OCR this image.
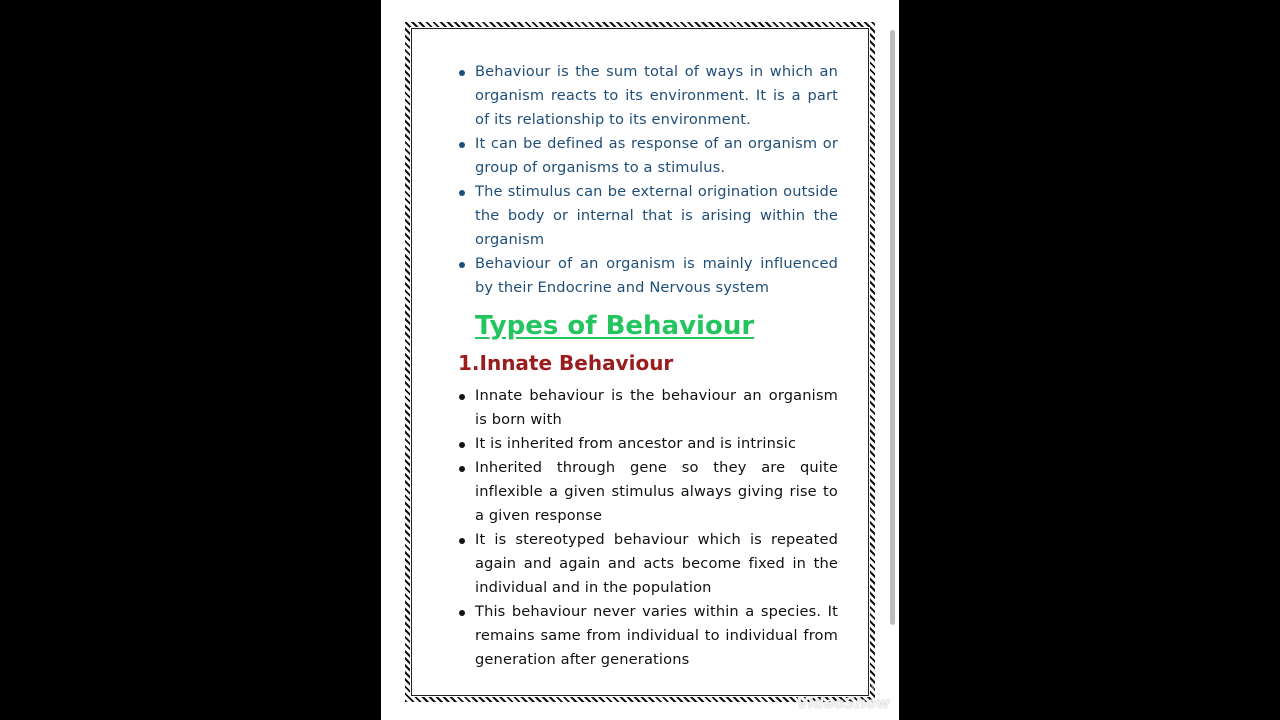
Behaviour is the sum total of ways in which an organism reacts to its environment. It is a part of its relationship to its environment.
It can be defined as response of an organism or group of organisms to a stimulus.
The stimulus can be external origination outside the body or internal that is arising within the organism
Behaviour of an organism is mainly influenced by their Endocrine and Nervous system
Types of Behaviour
1.Innate Behaviour
Innate behaviour is the behaviour an organism is born with
It is inherited from ancestor and is intrinsic
Inherited through gene so they are quite inflexible a given stimulus always giving rise to a given response
It is stereotyped behaviour which is repeated again and again and acts become fixed in the individual and in the population
This behaviour never varies within a species. It remains same from individual to individual from generation after generations
Made with
VideoShow
